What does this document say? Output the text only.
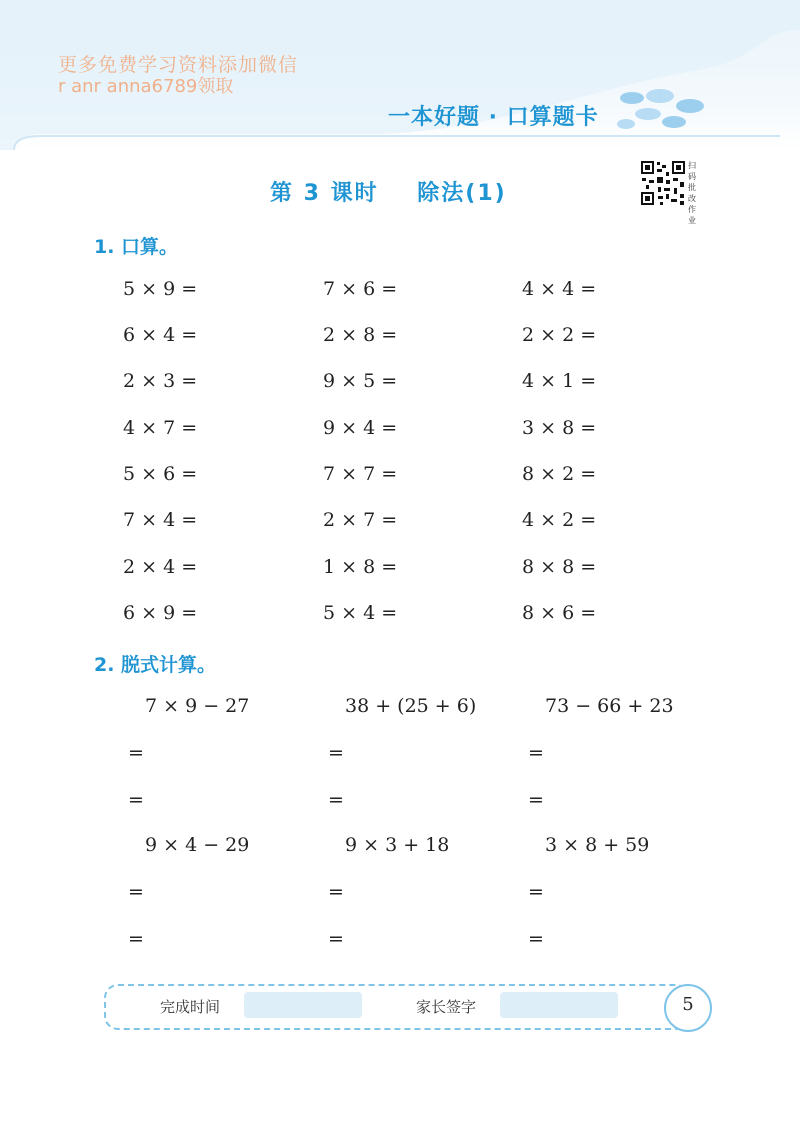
更多免费学习资料添加微信
r anr anna6789领取
一本好题 · 口算题卡
第 3 课时    除法(1)
扫码批改作业
1. 口算。
5 × 9 =	7 × 6 =	4 × 4 =
6 × 4 =	2 × 8 =	2 × 2 =
2 × 3 =	9 × 5 =	4 × 1 =
4 × 7 =	9 × 4 =	3 × 8 =
5 × 6 =	7 × 7 =	8 × 2 =
7 × 4 =	2 × 7 =	4 × 2 =
2 × 4 =	1 × 8 =	8 × 8 =
6 × 9 =	5 × 4 =	8 × 6 =
2. 脱式计算。
7 × 9 − 27	38 + (25 + 6)	73 − 66 + 23
=	=	=
=	=	=
9 × 4 − 29	9 × 3 + 18	3 × 8 + 59
=	=	=
=	=	=
完成时间	家长签字	5
